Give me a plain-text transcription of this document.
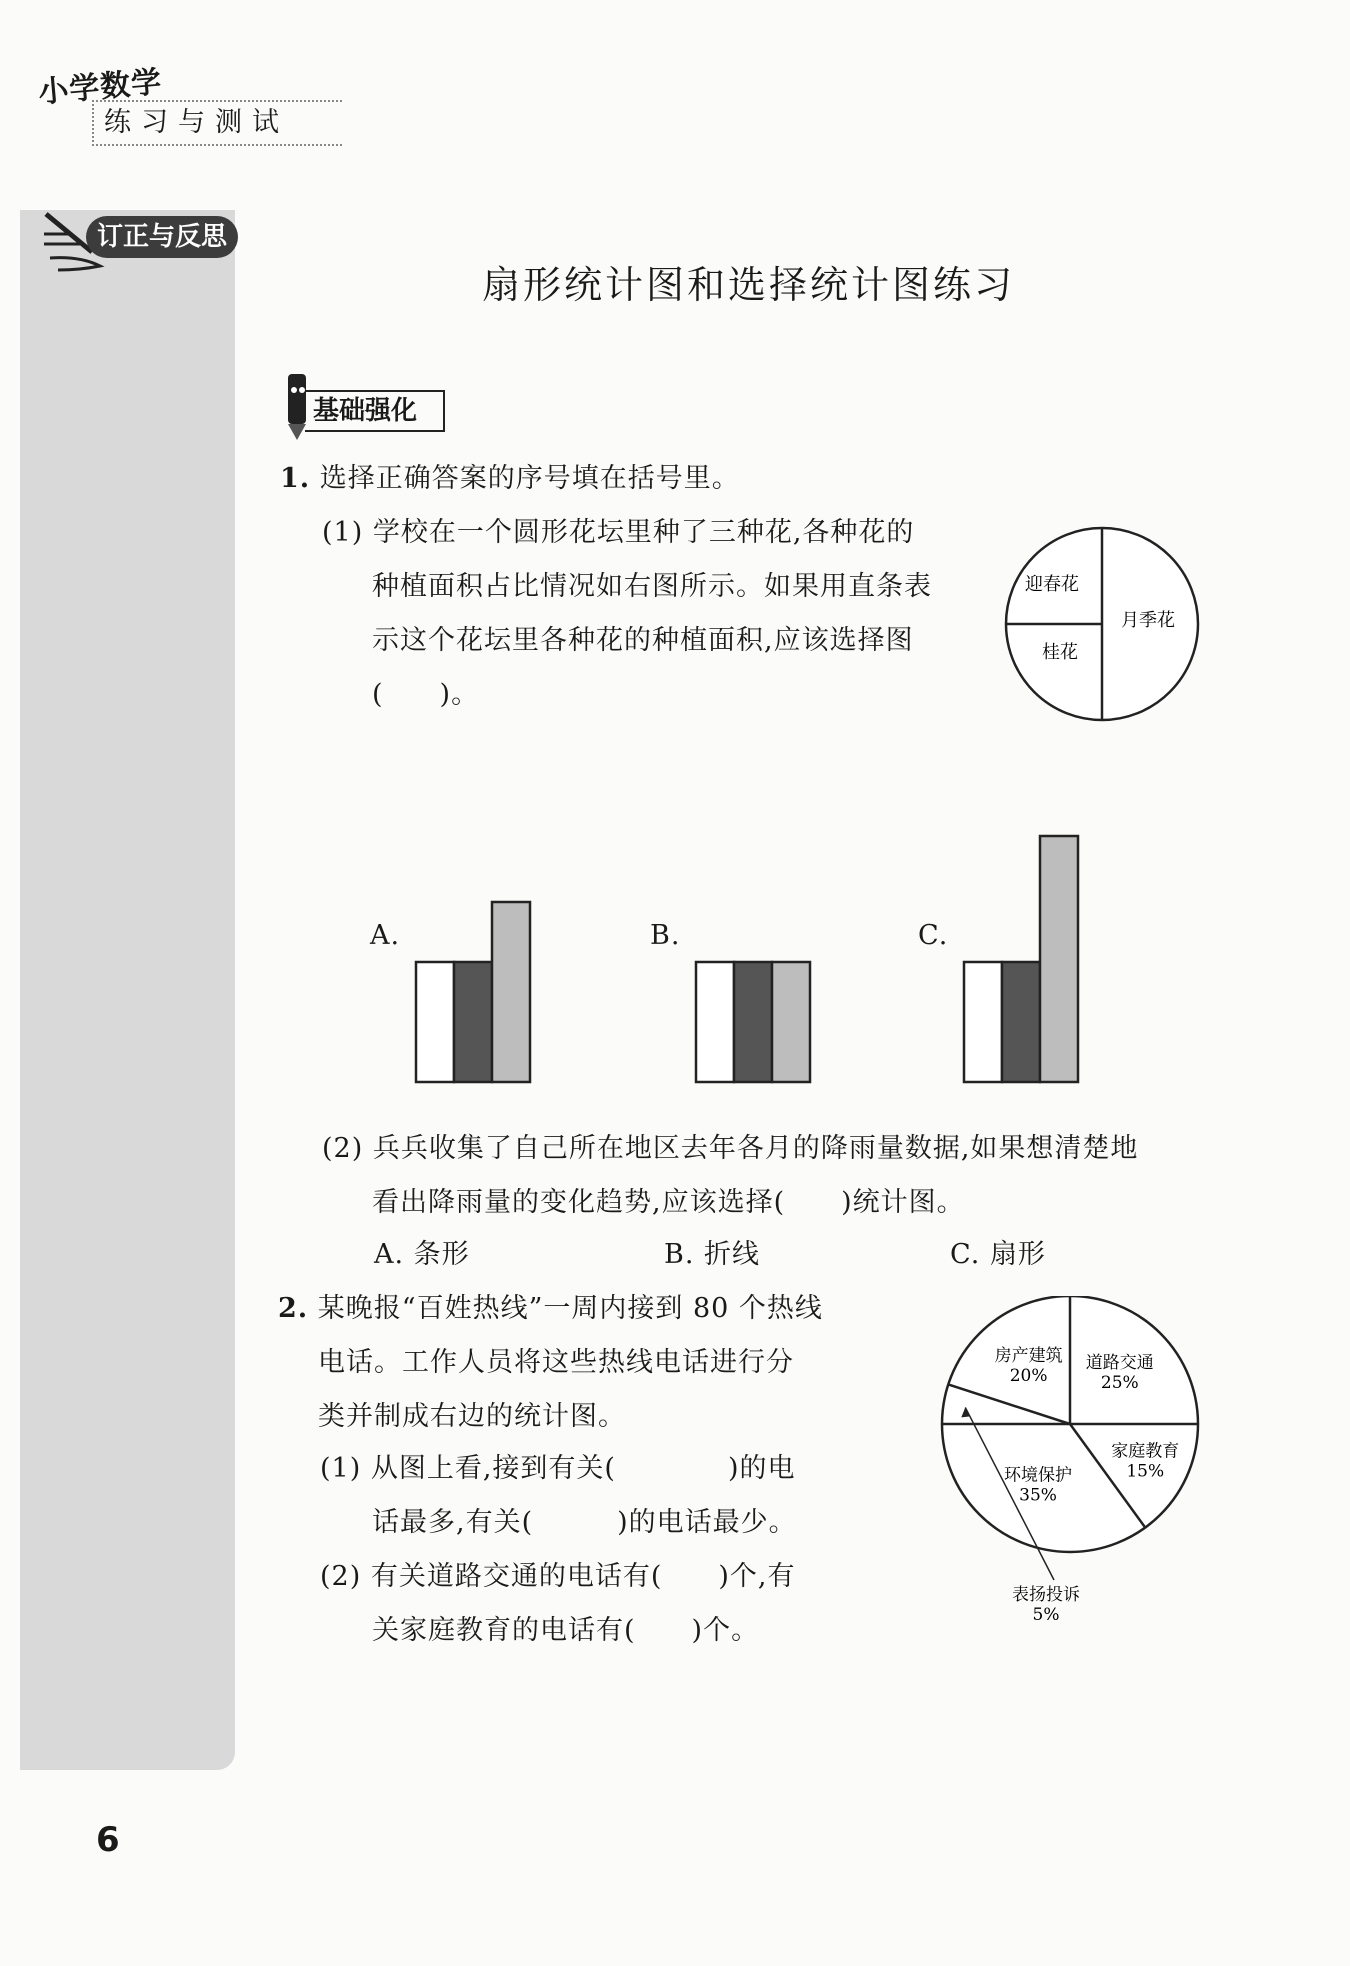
小学数学
练习与测试
订正与反思
扇形统计图和选择统计图练习
基础强化
1. 选择正确答案的序号填在括号里。
(1) 学校在一个圆形花坛里种了三种花,各种花的
种植面积占比情况如右图所示。如果用直条表
示这个花坛里各种花的种植面积,应该选择图
(　　)。
迎春花
月季花
桂花
A.	B.	C.
(2) 兵兵收集了自己所在地区去年各月的降雨量数据,如果想清楚地
看出降雨量的变化趋势,应该选择(　　)统计图。
A. 条形	B. 折线	C. 扇形
2. 某晚报“百姓热线”一周内接到 80 个热线
电话。工作人员将这些热线电话进行分
类并制成右边的统计图。
(1) 从图上看,接到有关(　　　　)的电
话最多,有关(　　　)的电话最少。
(2) 有关道路交通的电话有(　　)个,有
关家庭教育的电话有(　　)个。
道路交通
25%
家庭教育
15%
环境保护
35%
表扬投诉
5%
房产建筑
20%
6
